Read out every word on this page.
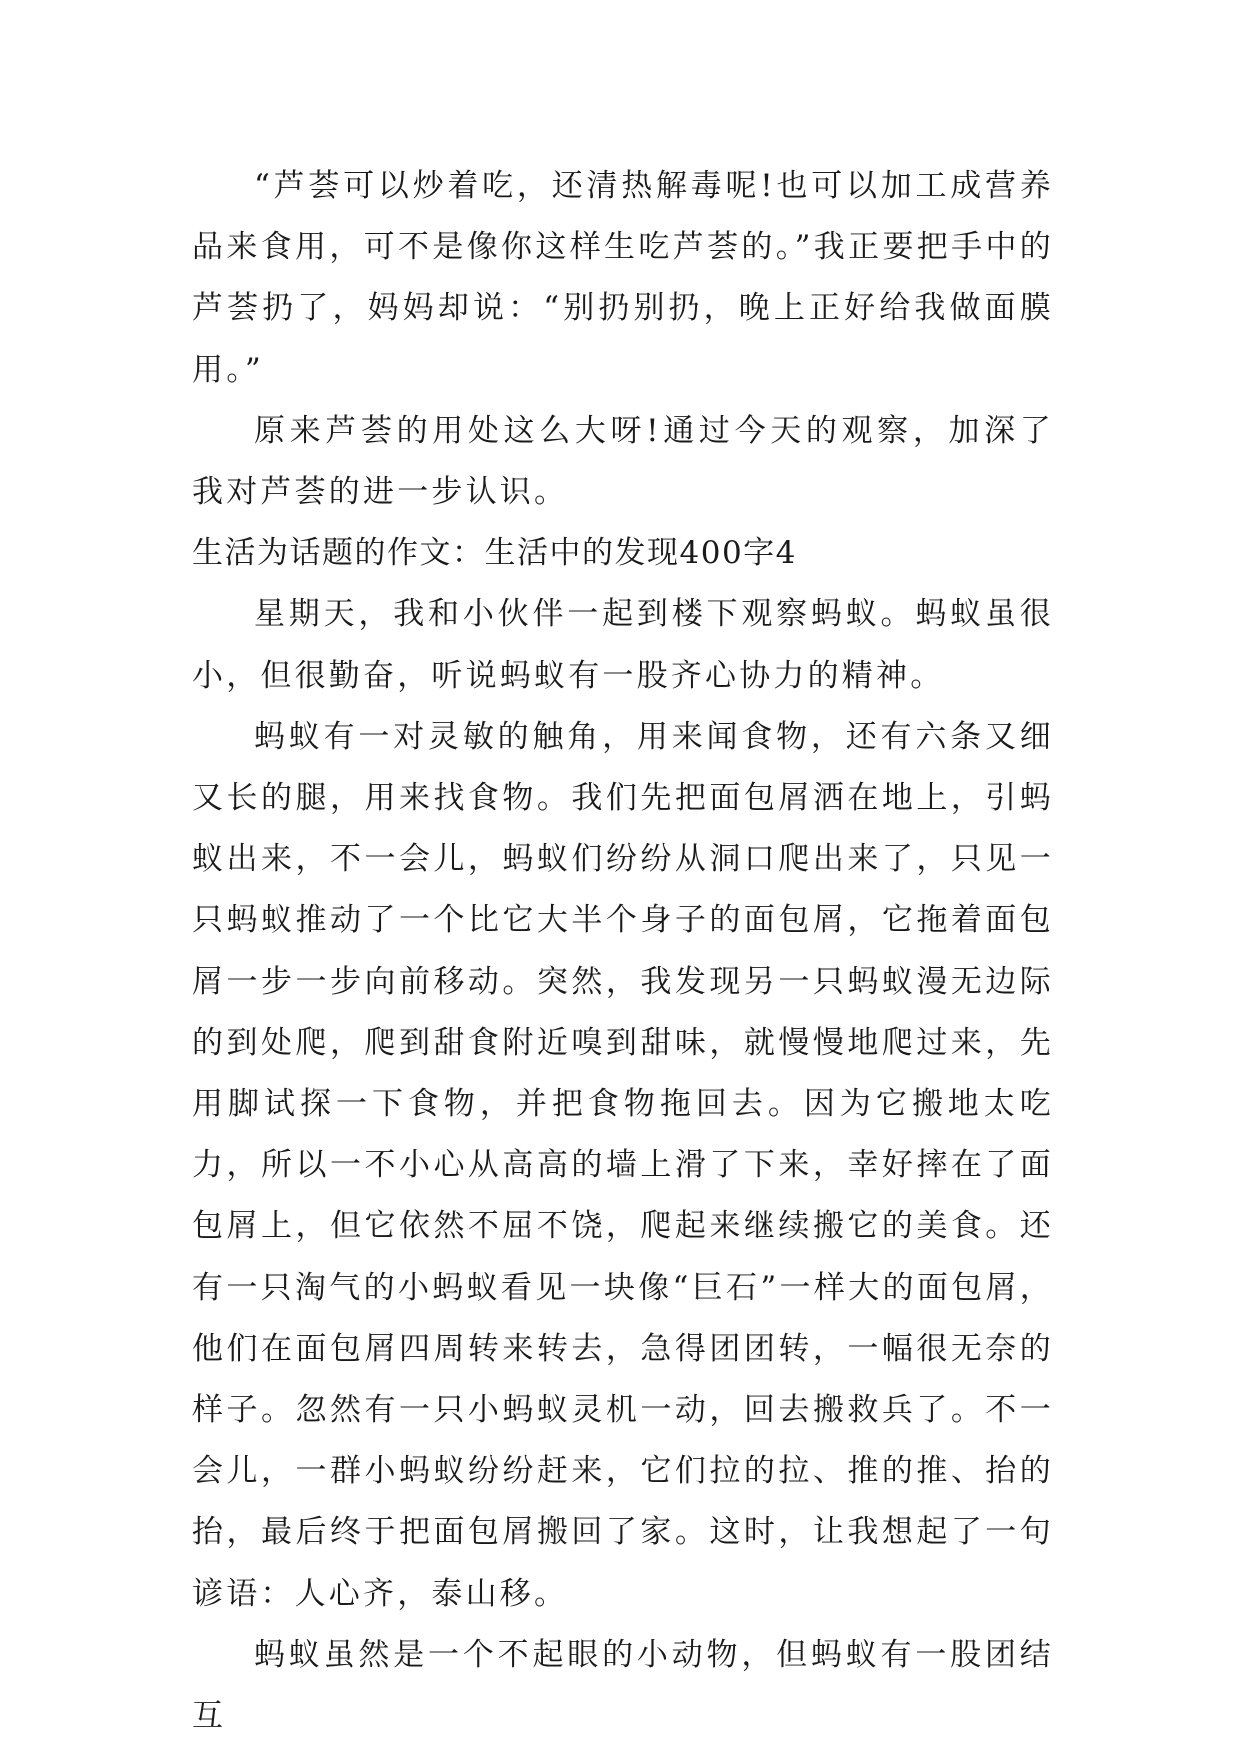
“芦荟可以炒着吃，还清热解毒呢!也可以加工成营养品来食用，可不是像你这样生吃芦荟的。”我正要把手中的芦荟扔了，妈妈却说：“别扔别扔，晚上正好给我做面膜用。”

原来芦荟的用处这么大呀!通过今天的观察，加深了我对芦荟的进一步认识。

生活为话题的作文：生活中的发现400字4

星期天，我和小伙伴一起到楼下观察蚂蚁。蚂蚁虽很小，但很勤奋，听说蚂蚁有一股齐心协力的精神。

蚂蚁有一对灵敏的触角，用来闻食物，还有六条又细又长的腿，用来找食物。我们先把面包屑洒在地上，引蚂蚁出来，不一会儿，蚂蚁们纷纷从洞口爬出来了，只见一只蚂蚁推动了一个比它大半个身子的面包屑，它拖着面包屑一步一步向前移动。突然，我发现另一只蚂蚁漫无边际的到处爬，爬到甜食附近嗅到甜味，就慢慢地爬过来，先用脚试探一下食物，并把食物拖回去。因为它搬地太吃力，所以一不小心从高高的墙上滑了下来，幸好摔在了面包屑上，但它依然不屈不饶，爬起来继续搬它的美食。还有一只淘气的小蚂蚁看见一块像“巨石”一样大的面包屑，他们在面包屑四周转来转去，急得团团转，一幅很无奈的样子。忽然有一只小蚂蚁灵机一动，回去搬救兵了。不一会儿，一群小蚂蚁纷纷赶来，它们拉的拉、推的推、抬的抬，最后终于把面包屑搬回了家。这时，让我想起了一句谚语：人心齐，泰山移。

蚂蚁虽然是一个不起眼的小动物，但蚂蚁有一股团结互
